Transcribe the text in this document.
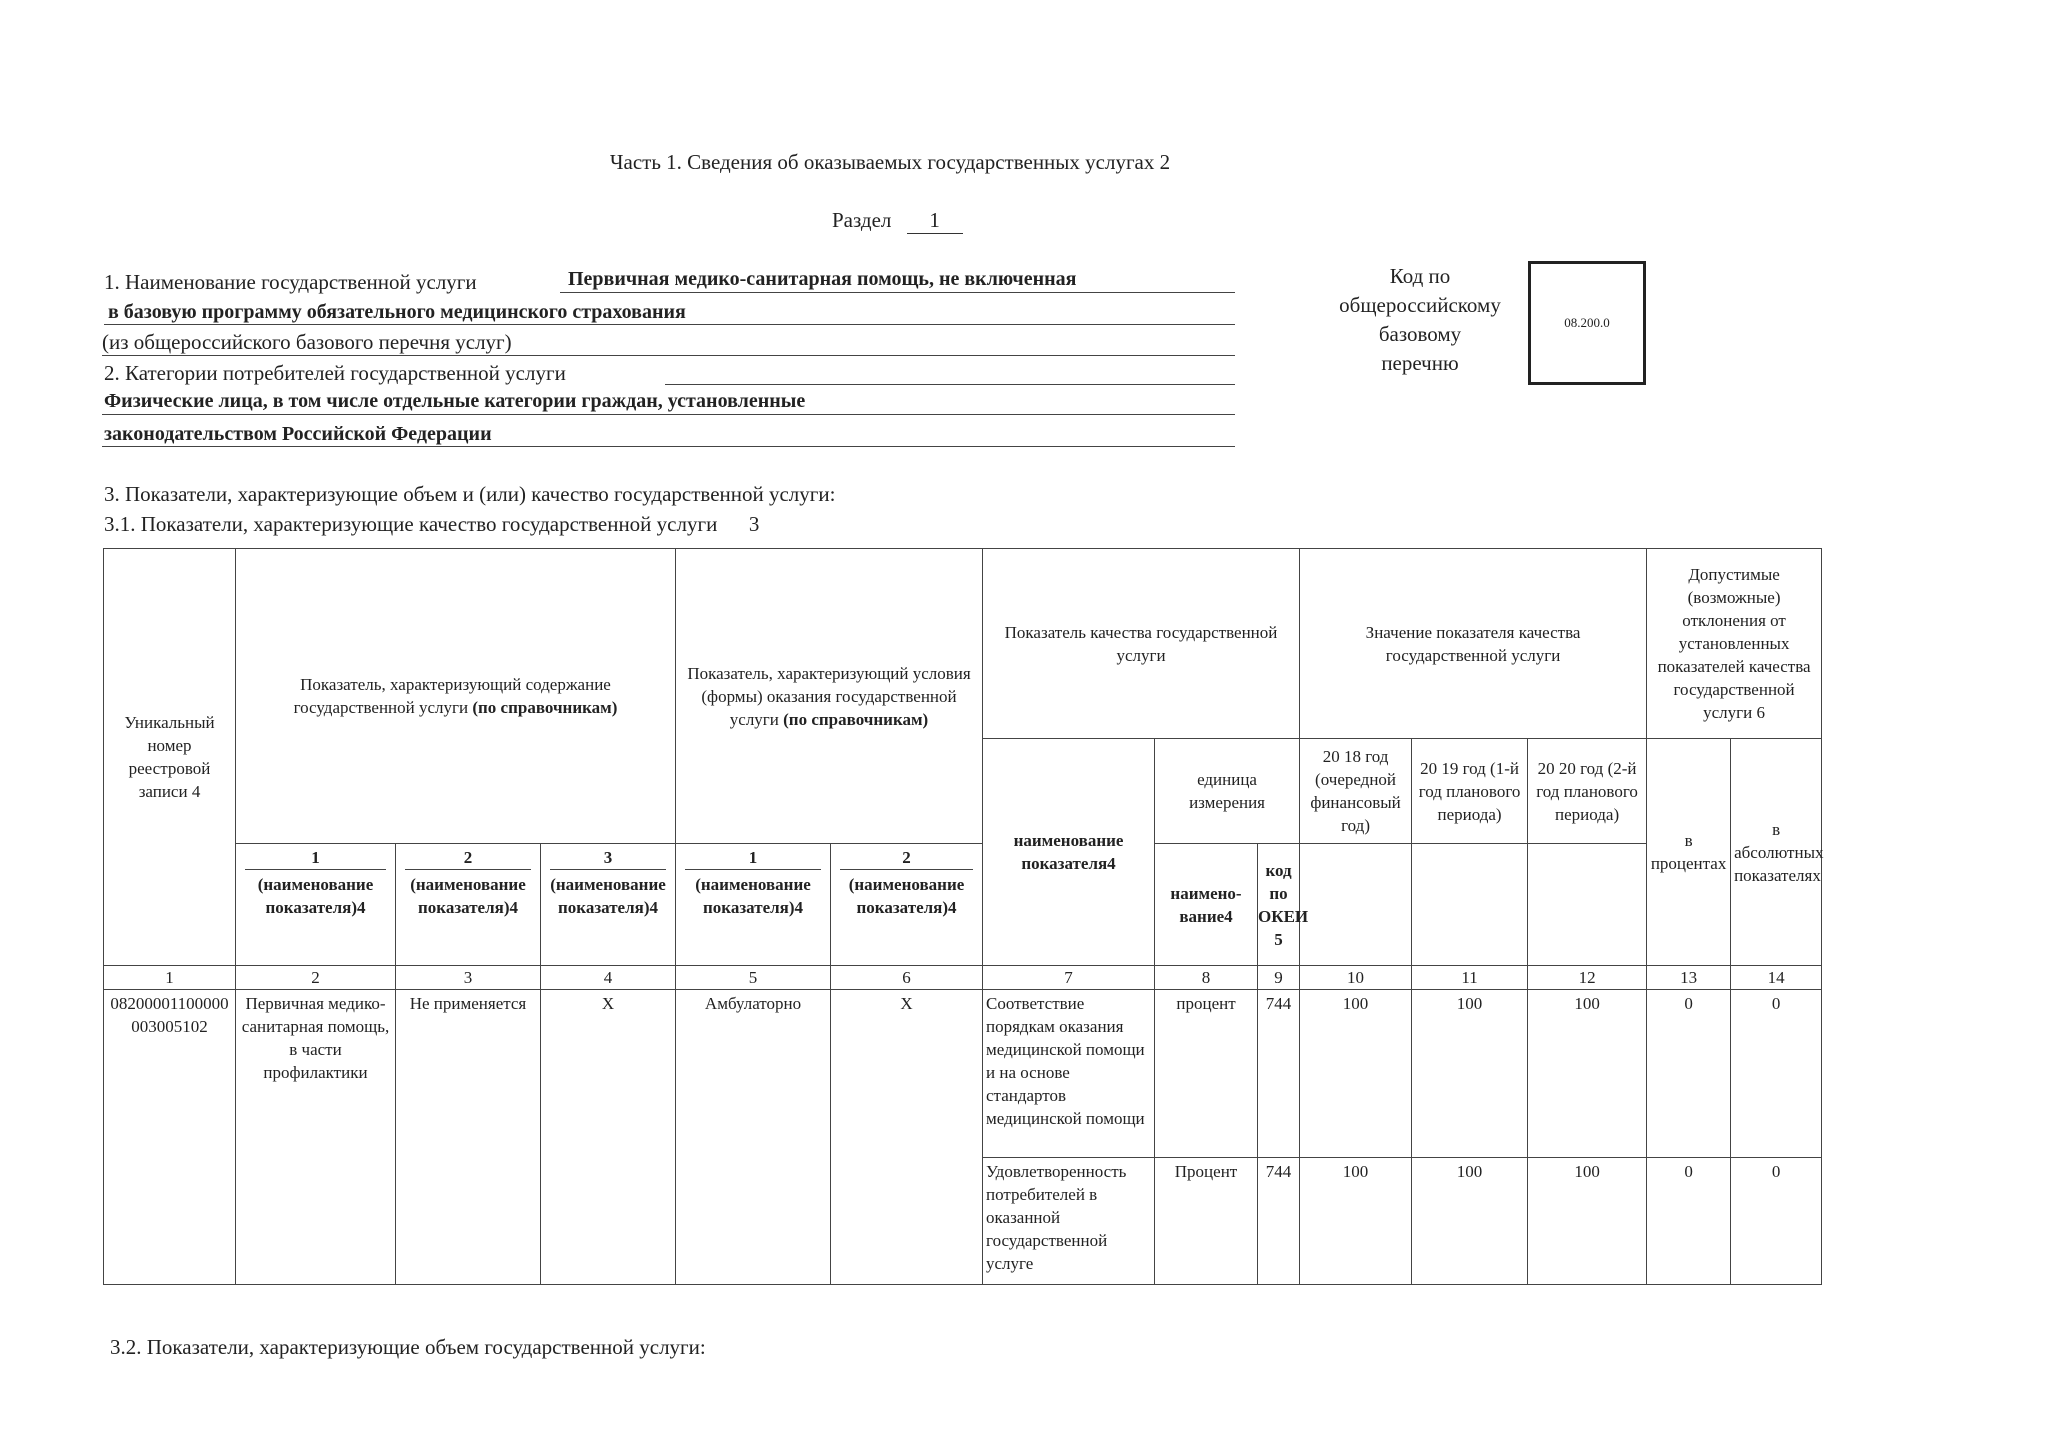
Часть 1. Сведения об оказываемых государственных услугах 2
Раздел 1
1. Наименование государственной услуги	Первичная медико-санитарная помощь, не включенная
в базовую программу обязательного медицинского страхования
(из общероссийского базового перечня услуг)
2. Категории потребителей государственной услуги
Физические лица, в том числе отдельные категории граждан, установленные
законодательством Российской Федерации
Код по
общероссийскому
базовому
перечню
08.200.0
3. Показатели, характеризующие объем и (или) качество государственной услуги:
3.1. Показатели, характеризующие качество государственной услуги      3
Уникальный номер реестровой записи 4	Показатель, характеризующий содержание государственной услуги (по справочникам)			Показатель, характеризующий условия (формы) оказания государственной услуги (по справочникам)		Показатель качества государственной услуги			Значение показателя качества государственной услуги			Допустимые (возможные) отклонения от установленных показателей качества государственной услуги 6	
						наименование показателя4	единица измерения		20 18 год (очередной финансовый год)	20 19 год (1-й год планового периода)	20 20 год (2-й год планового периода)	в процентах	в абсолютных показателях

	1
(наименование показателя)4	2
(наименование показателя)4	3
(наименование показателя)4	1
(наименование показателя)4	2
(наименование показателя)4		наимено-вание4	код по ОКЕИ 5					
1	2	3	4	5	6	7	8	9	10	11	12	13	14
08200001100000003005102	Первичная медико-санитарная помощь, в части профилактики	Не применяется	Х	Амбулаторно	Х	Соответствие порядкам оказания медицинской помощи и на основе стандартов медицинской помощи	процент	744	100	100	100	0	0
						Удовлетворенность потребителей в оказанной государственной услуге	Процент	744	100	100	100	0	0
3.2. Показатели, характеризующие объем государственной услуги:
